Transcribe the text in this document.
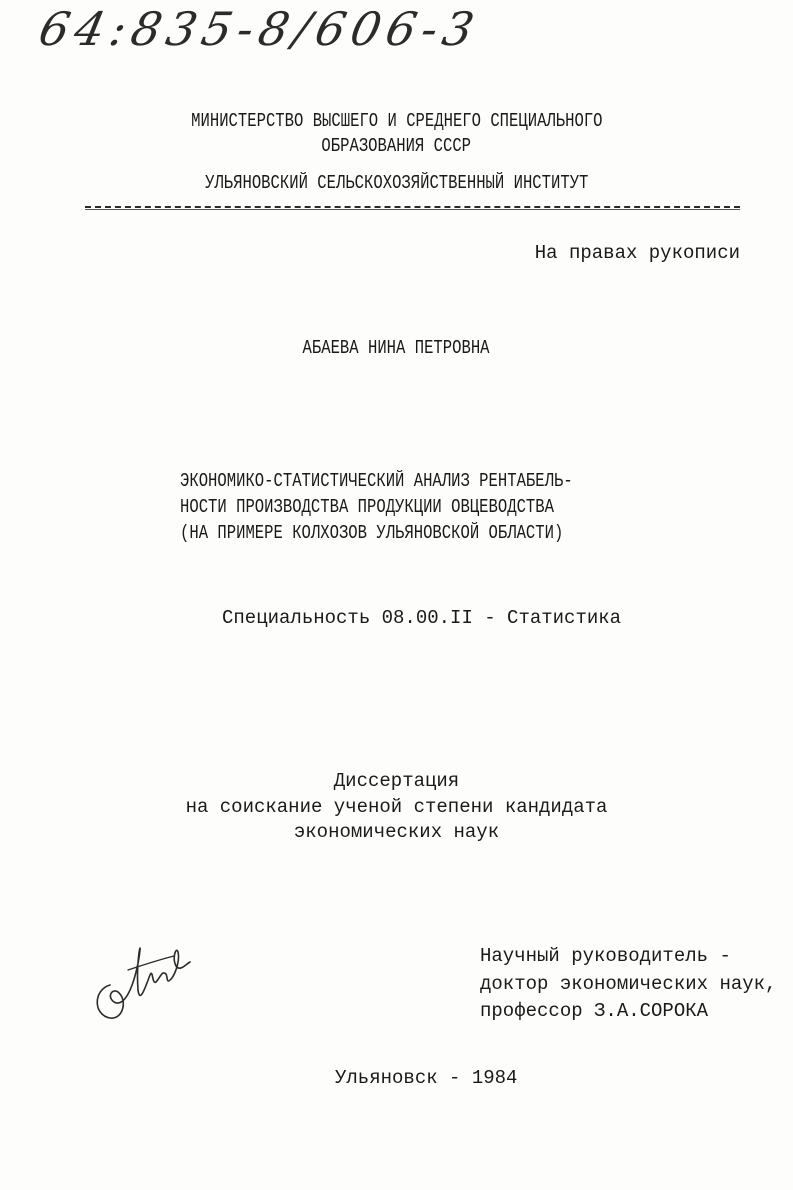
64:835-8/606-3
МИНИСТЕРСТВО ВЫСШЕГО И СРЕДНЕГО СПЕЦИАЛЬНОГО
ОБРАЗОВАНИЯ СССР
УЛЬЯНОВСКИЙ СЕЛЬСКОХОЗЯЙСТВЕННЫЙ ИНСТИТУТ
На правах рукописи
АБАЕВА НИНА ПЕТРОВНА
ЭКОНОМИКО-СТАТИСТИЧЕСКИЙ АНАЛИЗ РЕНТАБЕЛЬ-
НОСТИ ПРОИЗВОДСТВА ПРОДУКЦИИ ОВЦЕВОДСТВА
(НА ПРИМЕРЕ КОЛХОЗОВ УЛЬЯНОВСКОЙ ОБЛАСТИ)
Специальность 08.00.II - Статистика
Диссертация
на соискание ученой степени кандидата
экономических наук
Научный руководитель -
доктор экономических наук,
профессор З.А.СОРОКА
Ульяновск - 1984
